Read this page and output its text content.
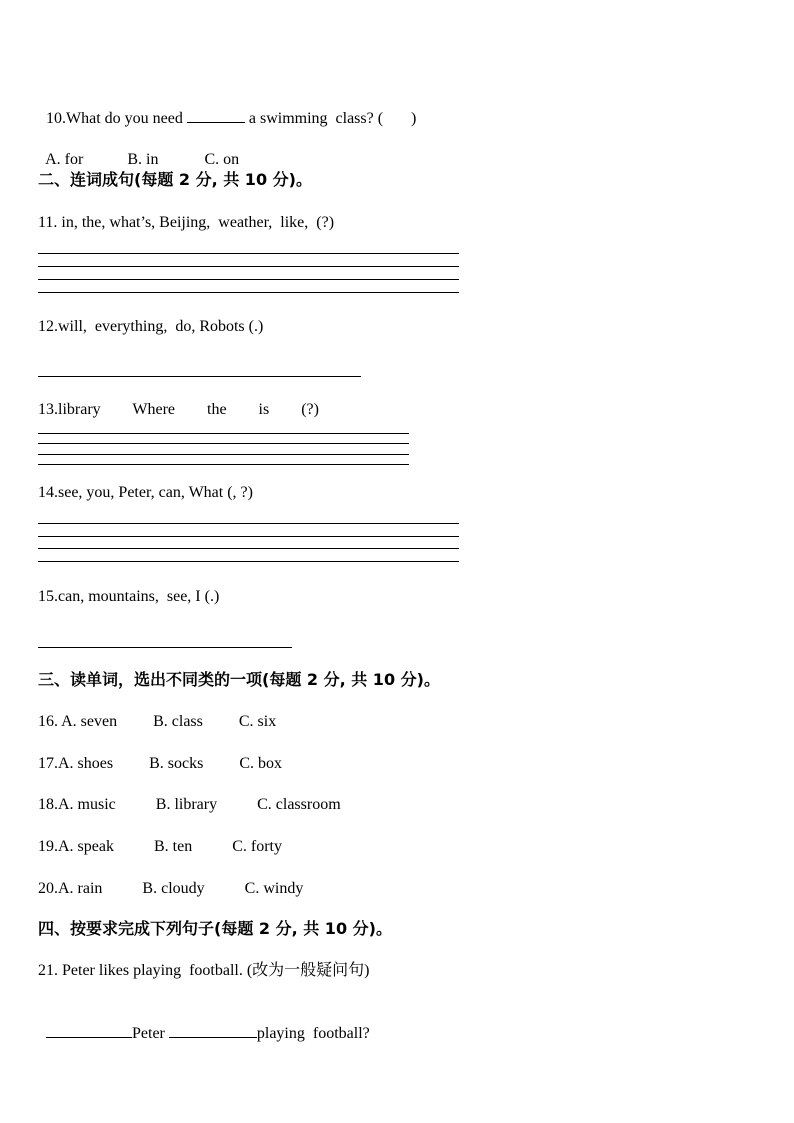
10.What do you need	a swimming  class? (       )

A. for	B. in	C. on

二、连词成句(每题 2 分, 共 10 分)。
11. in, the, what’s, Beijing,  weather,  like,  (?)
12.will,  everything,  do, Robots (.)
13.library        Where        the        is        (?)
14.see, you, Peter, can, What (, ?)
15.can, mountains,  see, I (.)
三、读单词，选出不同类的一项(每题 2 分, 共 10 分)。
16. A. seven         B. class         C. six
17.A. shoes         B. socks         C. box
18.A. music          B. library          C. classroom
19.A. speak          B. ten          C. forty
20.A. rain          B. cloudy          C. windy
四、按要求完成下列句子(每题 2 分, 共 10 分)。
21. Peter likes playing  football. (改为一般疑问句)

Peter	playing  football?
